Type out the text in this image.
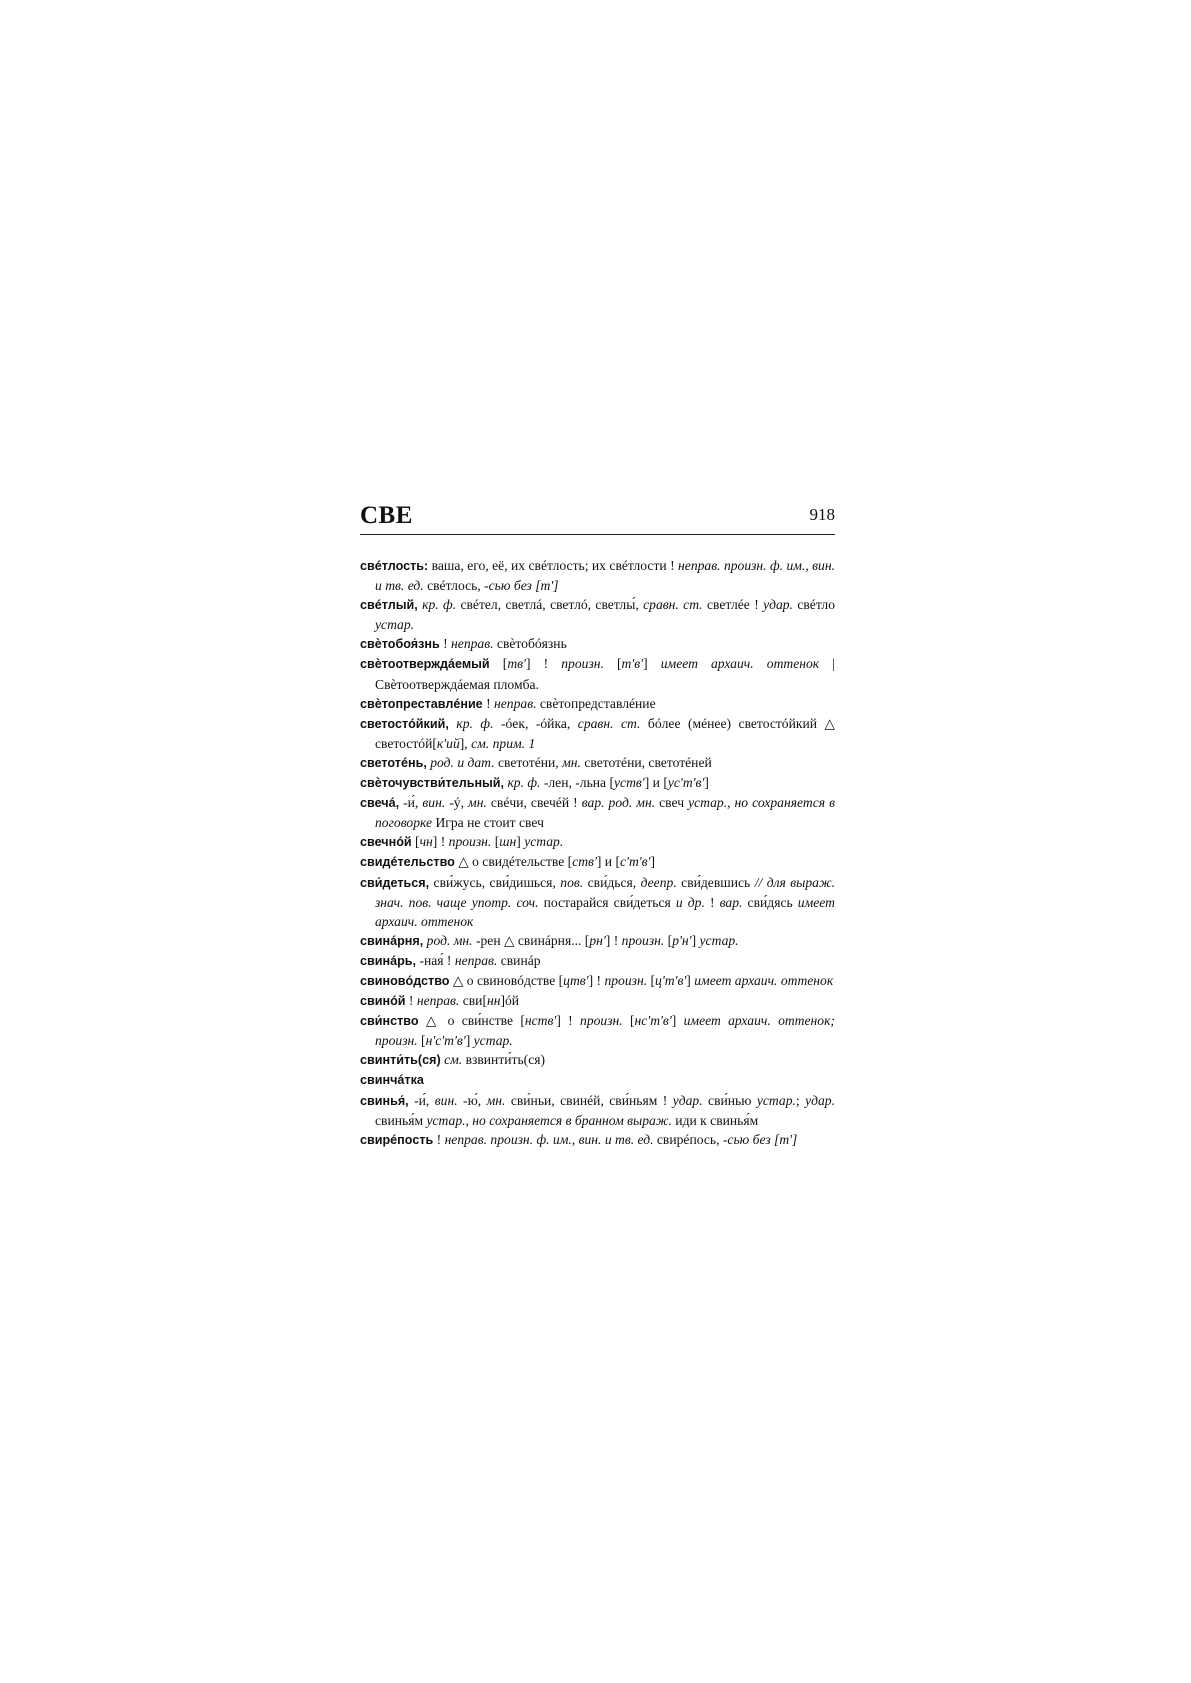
СВЕ	918

свéтлость: ваша, его, её, их свéтлость; их свéтлости ! неправ. произн. ф. им., вин. и тв. ед. свéтлось, -сью без [т']

свéтлый, кр. ф. свéтел, светлá, светлó, светлы́, сравн. ст. светлée ! удар. свéтло устар.

свѐтобоя́знь ! неправ. свѐтобóязнь

свѐтоотверждáемый [тв'] ! произн. [т'в'] имеет архаич. оттенок | Свѐтоотверждáемая пломба.

свѐтопреставлéние ! неправ. свѐтопредставлéние

светостóйкий, кр. ф. -óек, -óйка, сравн. ст. бóлее (мéнее) светостóйкий △ светостóй[к'ий], см. прим. 1

светотéнь, род. и дат. светотéни, мн. светотéни, светотéней

свѐточувстви́тельный, кр. ф. -лен, -льна [уств'] и [ус'т'в']

свечá, -и́, вин. -ý, мн. свéчи, свечéй ! вар. род. мн. свеч устар., но сохраняется в поговорке Игра не стоит свеч

свечнóй [чн] ! произн. [шн] устар.

свидéтельство △ о свидéтельстве [ств'] и [с'т'в']

сви́деться, сви́жусь, сви́дишься, пов. сви́дься, деепр. сви́девшись // для выраж. знач. пов. чаще употр. соч. постарайся сви́деться и др. ! вар. сви́дясь имеет архаич. оттенок

свинáрня, род. мн. -рен △ свинáрня... [рн'] ! произн. [р'н'] устар.

свинáрь, -ная́ ! неправ. свинáр

свиновóдство △ о свиновóдстве [цтв'] ! произн. [ц'т'в'] имеет архаич. оттенок

свинóй ! неправ. сви[нн]óй

сви́нство △ о сви́нстве [нств'] ! произн. [нс'т'в'] имеет архаич. оттенок; произн. [н'с'т'в'] устар.

свинти́ть(ся) см. взвинти́ть(ся)

свинчáтка

свинья́, -и́, вин. -ю́, мн. сви́ньи, свинéй, сви́ньям ! удар. сви́нью устар.; удар. свинья́м устар., но сохраняется в бранном выраж. иди к свинья́м

свирéпость ! неправ. произн. ф. им., вин. и тв. ед. свирéпось, -сью без [т']
